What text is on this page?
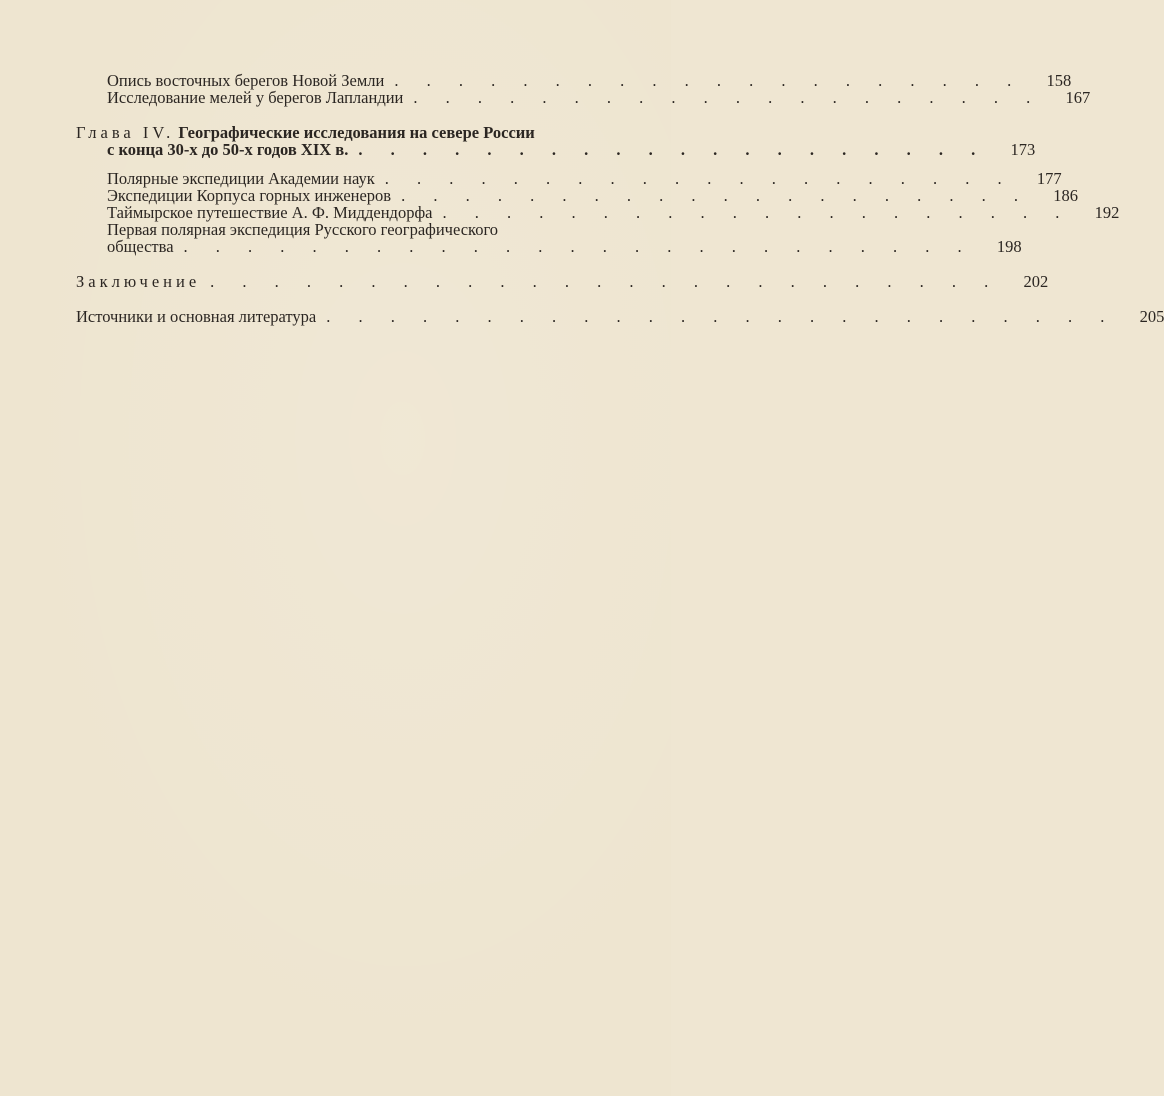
Опись восточных берегов Новой Земли . . . . . . . . . . . . . . . . . . . .	158
Исследование мелей у берегов Лапландии . . . . . . . . . . . . . . . . . . . .	167
Глава IV. Географические исследования на севере России
с конца 30-х до 50-х годов XIX в. . . . . . . . . . . . . . . . . . . . .	173
Полярные экспедиции Академии наук . . . . . . . . . . . . . . . . . . . .	177
Экспедиции Корпуса горных инженеров . . . . . . . . . . . . . . . . . . . .	186
Таймырское путешествие А. Ф. Миддендорфа . . . . . . . . . . . . . . . . . . . .	192
Первая полярная экспедиция Русского географического
общества . . . . . . . . . . . . . . . . . . . . . . . . .	198
Заключение . . . . . . . . . . . . . . . . . . . . . . . . .	202
Источники и основная литература . . . . . . . . . . . . . . . . . . . . . . . . .	205
